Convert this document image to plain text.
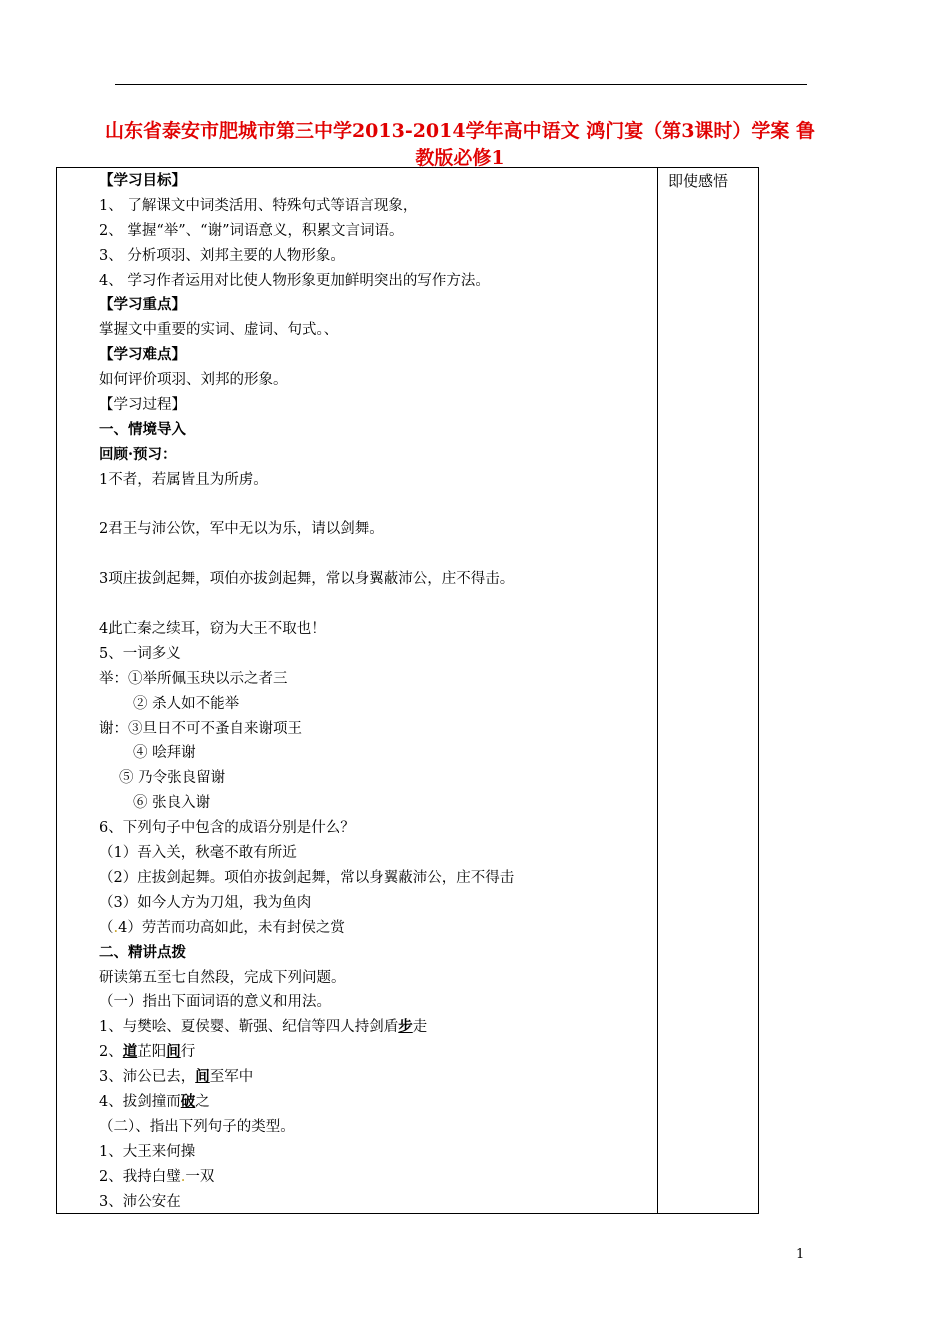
山东省泰安市肥城市第三中学2013-2014学年高中语文 鸿门宴（第3课时）学案 鲁教版必修1
即使感悟
【学习目标】
1、 了解课文中词类活用、特殊句式等语言现象，
2、 掌握“举”、“谢”词语意义，积累文言词语。
3、 分析项羽、刘邦主要的人物形象。
4、 学习作者运用对比使人物形象更加鲜明突出的写作方法。
【学习重点】
掌握文中重要的实词、虚词、句式。、
【学习难点】
如何评价项羽、刘邦的形象。
【学习过程】
一、情境导入
回顾·预习：
1不者，若属皆且为所虏。
2君王与沛公饮，军中无以为乐，请以剑舞。
3项庄拔剑起舞，项伯亦拔剑起舞，常以身翼蔽沛公，庄不得击。
4此亡秦之续耳，窃为大王不取也！
5、一词多义
举：①举所佩玉玦以示之者三
② 杀人如不能举
谢：③旦日不可不蚤自来谢项王
④ 哙拜谢
⑤ 乃令张良留谢
⑥ 张良入谢
6、下列句子中包含的成语分别是什么？
（1）吾入关，秋毫不敢有所近
（2）庄拔剑起舞。项伯亦拔剑起舞，常以身翼蔽沛公，庄不得击
（3）如今人方为刀俎，我为鱼肉
（.4）劳苦而功高如此，未有封侯之赏
二、精讲点拨
研读第五至七自然段，完成下列问题。
（一）指出下面词语的意义和用法。
1、与樊哙、夏侯婴、靳强、纪信等四人持剑盾步走
2、道芷阳间行
3、沛公已去，间至军中
4、拔剑撞而破之
（二）、指出下列句子的类型。
1、大王来何操
2、我持白璧.一双
3、沛公安在
1
